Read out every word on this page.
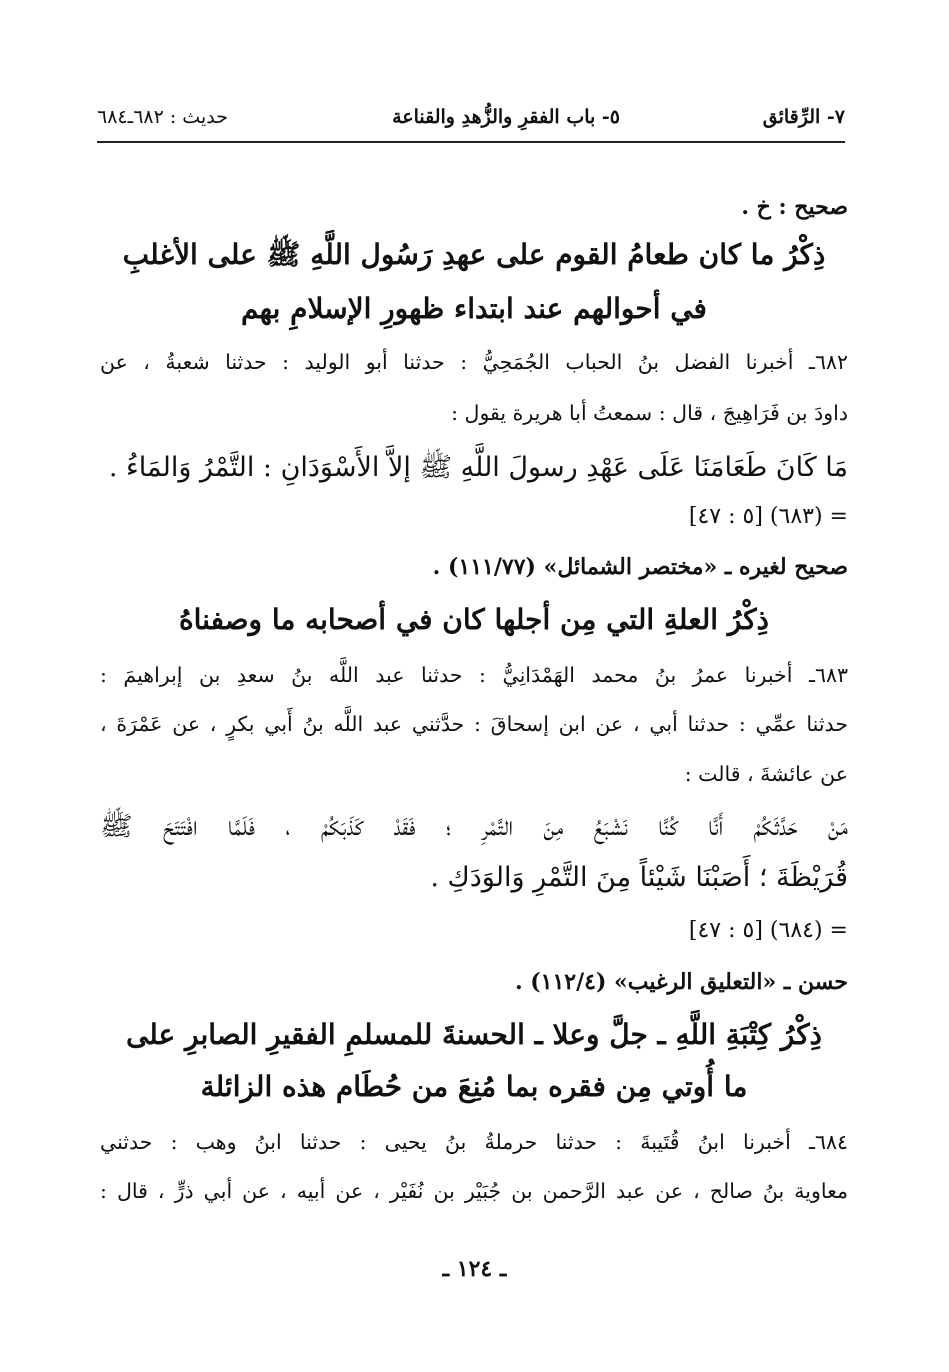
٧- الرِّقائق
٥- باب الفقرِ والزُّهدِ والقناعة
حديث : ٦٨٢ـ٦٨٤
صحيح : خ .
ذِكْرُ ما كان طعامُ القوم على عهدِ رَسُول اللَّهِ ﷺ على الأغلبِ
في أحوالهم عند ابتداء ظهورِ الإسلامِ بهم
٦٨٢ـ أخبرنا الفضل بنُ الحباب الجُمَحِيُّ : حدثنا أبو الوليد : حدثنا شعبةُ ، عن
داودَ بن فَرَاهِيجَ ، قال : سمعتُ أبا هريرة يقول :
مَا كَانَ طَعَامَنَا عَلَى عَهْدِ رسولَ اللَّهِ ﷺ إلاَّ الأَسْوَدَانِ : التَّمْرُ وَالمَاءُ .
= (٦٨٣) [٥ : ٤٧]
صحيح لغيره ـ «مختصر الشمائل» (١١١/٧٧) .
ذِكْرُ العلةِ التي مِن أجلها كان في أصحابه ما وصفناهُ
٦٨٣ـ أخبرنا عمرُ بنُ محمد الهَمْدَانِيُّ : حدثنا عبد اللَّه بنُ سعدِ بن إبراهيمَ :
حدثنا عمِّي : حدثنا أبي ، عن ابن إسحاقَ : حدَّثني عبد اللَّه بنُ أَبي بكرٍ ، عن عَمْرَةَ ،
عن عائشةَ ، قالت :
مَنْ حَدَّثَكُمْ أَنَّا كُنَّا نَشْبَعُ مِنَ التَّمْرِ ؛ فَقَدْ كَذَبَكُمْ ، فَلَمَّا افْتَتَحَ ﷺ
قُرَيْظَةَ ؛ أَصَبْنَا شَيْئاً مِنَ التَّمْرِ وَالوَدَكِ .
= (٦٨٤) [٥ : ٤٧]
حسن ـ «التعليق الرغيب» (١١٢/٤) .
ذِكْرُ كِتْبَةِ اللَّهِ ـ جلَّ وعلا ـ الحسنةَ للمسلمِ الفقيرِ الصابرِ على
ما أُوتي مِن فقره بما مُنِعَ من حُطَام هذه الزائلة
٦٨٤ـ أخبرنا ابنُ قُتَيبةَ : حدثنا حرملةُ بنُ يحيى : حدثنا ابنُ وهب : حدثني
معاوية بنُ صالح ، عن عبد الرَّحمن بن جُبَيْر بن نُفَيْر ، عن أبيه ، عن أبي ذرٍّ ، قال :
ـ ١٢٤ ـ
